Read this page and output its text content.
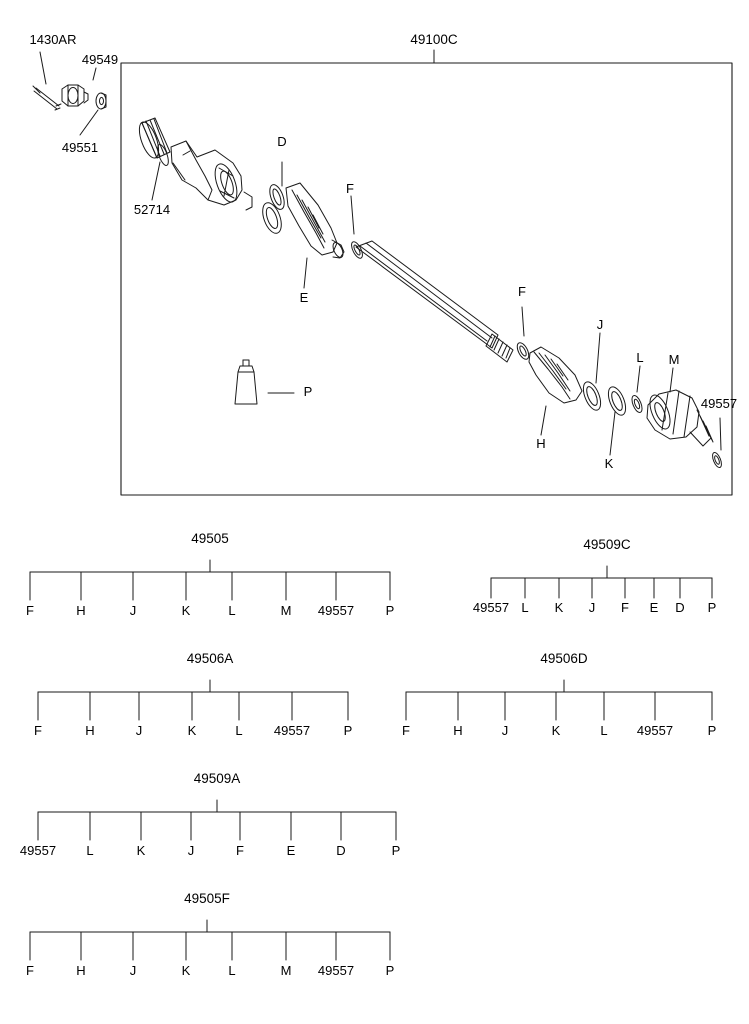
49100C
1430AR
49549
49551
52714
D
E
F
F
H
J
K
L M
P
49557
49505
F	H	J	K	L	M 49557 P
49509C
49557 L K J F E D P
49506A
F	H	J	K	L 49557	P
49506D
F	H	J	K	L 49557	P
49509A
49557 L	K	J	F	E	D	P
49505F
F	H	J	K	L	M 49557 P
